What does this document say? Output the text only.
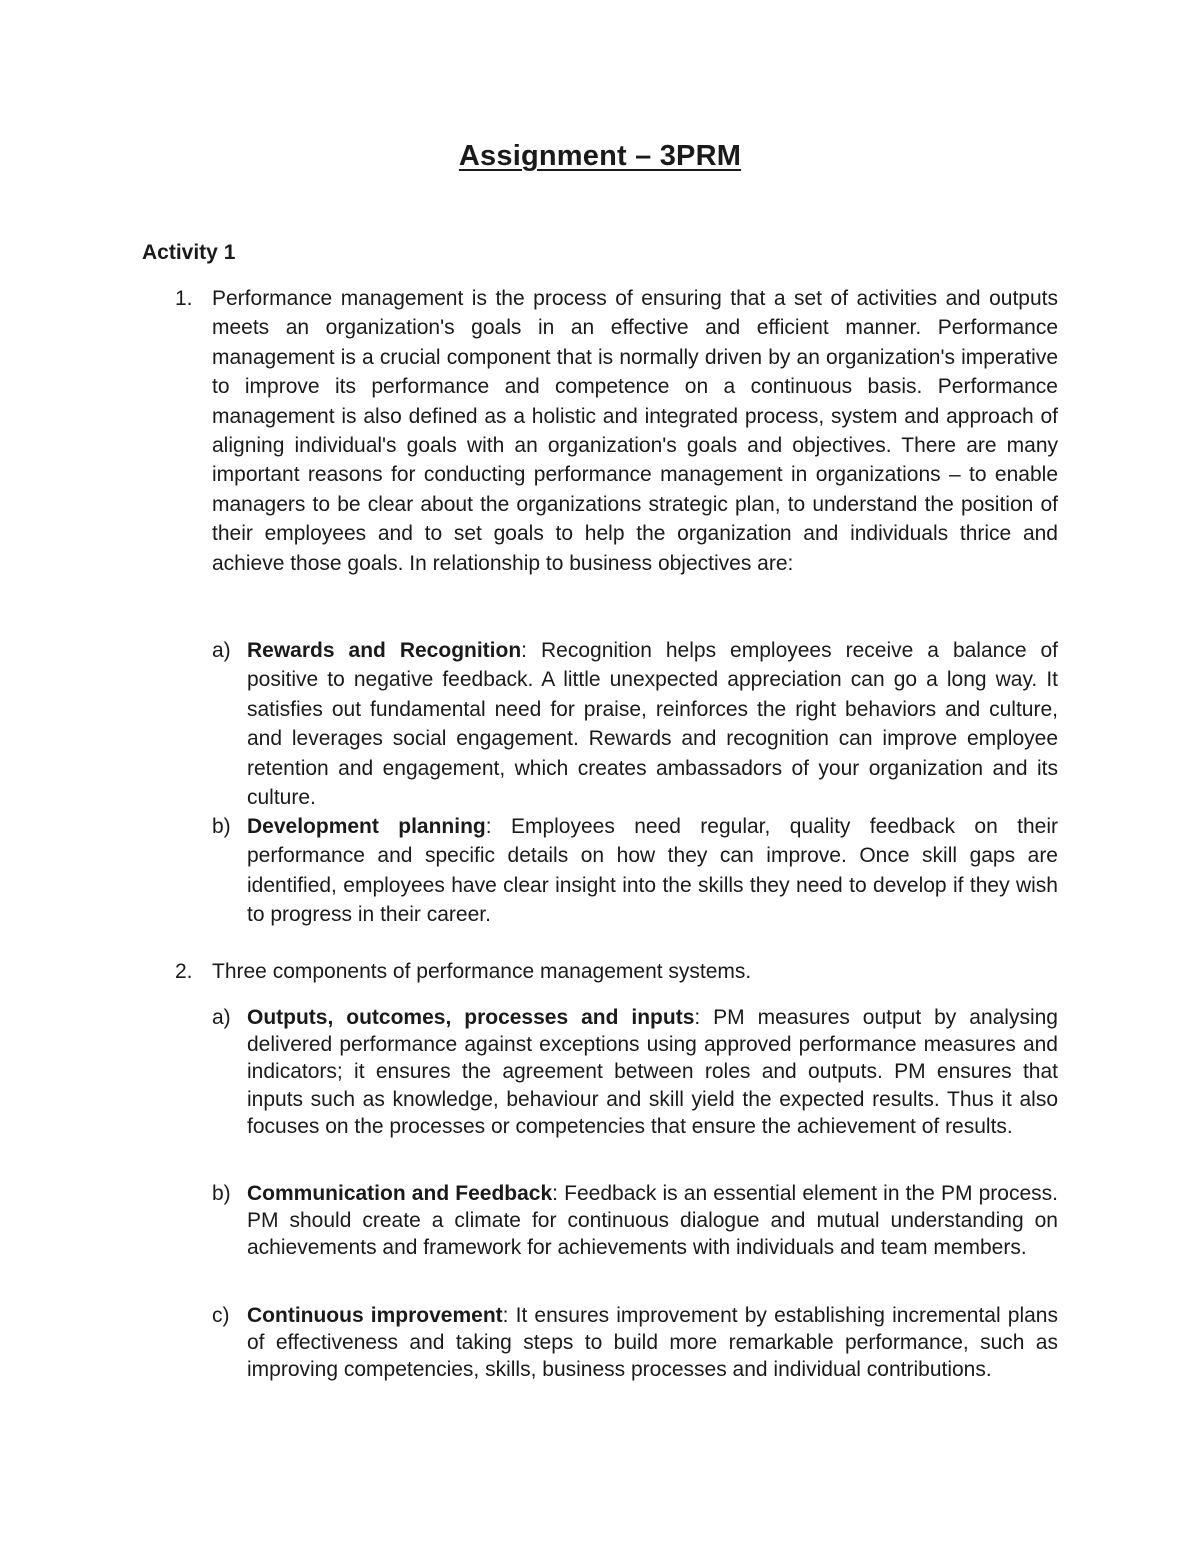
Assignment – 3PRM
Activity 1
1. Performance management is the process of ensuring that a set of activities and outputs meets an organization's goals in an effective and efficient manner. Performance management is a crucial component that is normally driven by an organization's imperative to improve its performance and competence on a continuous basis. Performance management is also defined as a holistic and integrated process, system and approach of aligning individual's goals with an organization's goals and objectives. There are many important reasons for conducting performance management in organizations – to enable managers to be clear about the organizations strategic plan, to understand the position of their employees and to set goals to help the organization and individuals thrice and achieve those goals. In relationship to business objectives are:
a) Rewards and Recognition: Recognition helps employees receive a balance of positive to negative feedback. A little unexpected appreciation can go a long way. It satisfies out fundamental need for praise, reinforces the right behaviors and culture, and leverages social engagement. Rewards and recognition can improve employee retention and engagement, which creates ambassadors of your organization and its culture.
b) Development planning: Employees need regular, quality feedback on their performance and specific details on how they can improve. Once skill gaps are identified, employees have clear insight into the skills they need to develop if they wish to progress in their career.
2. Three components of performance management systems.
a) Outputs, outcomes, processes and inputs: PM measures output by analysing delivered performance against exceptions using approved performance measures and indicators; it ensures the agreement between roles and outputs. PM ensures that inputs such as knowledge, behaviour and skill yield the expected results. Thus it also focuses on the processes or competencies that ensure the achievement of results.
b) Communication and Feedback: Feedback is an essential element in the PM process. PM should create a climate for continuous dialogue and mutual understanding on achievements and framework for achievements with individuals and team members.
c) Continuous improvement: It ensures improvement by establishing incremental plans of effectiveness and taking steps to build more remarkable performance, such as improving competencies, skills, business processes and individual contributions.
